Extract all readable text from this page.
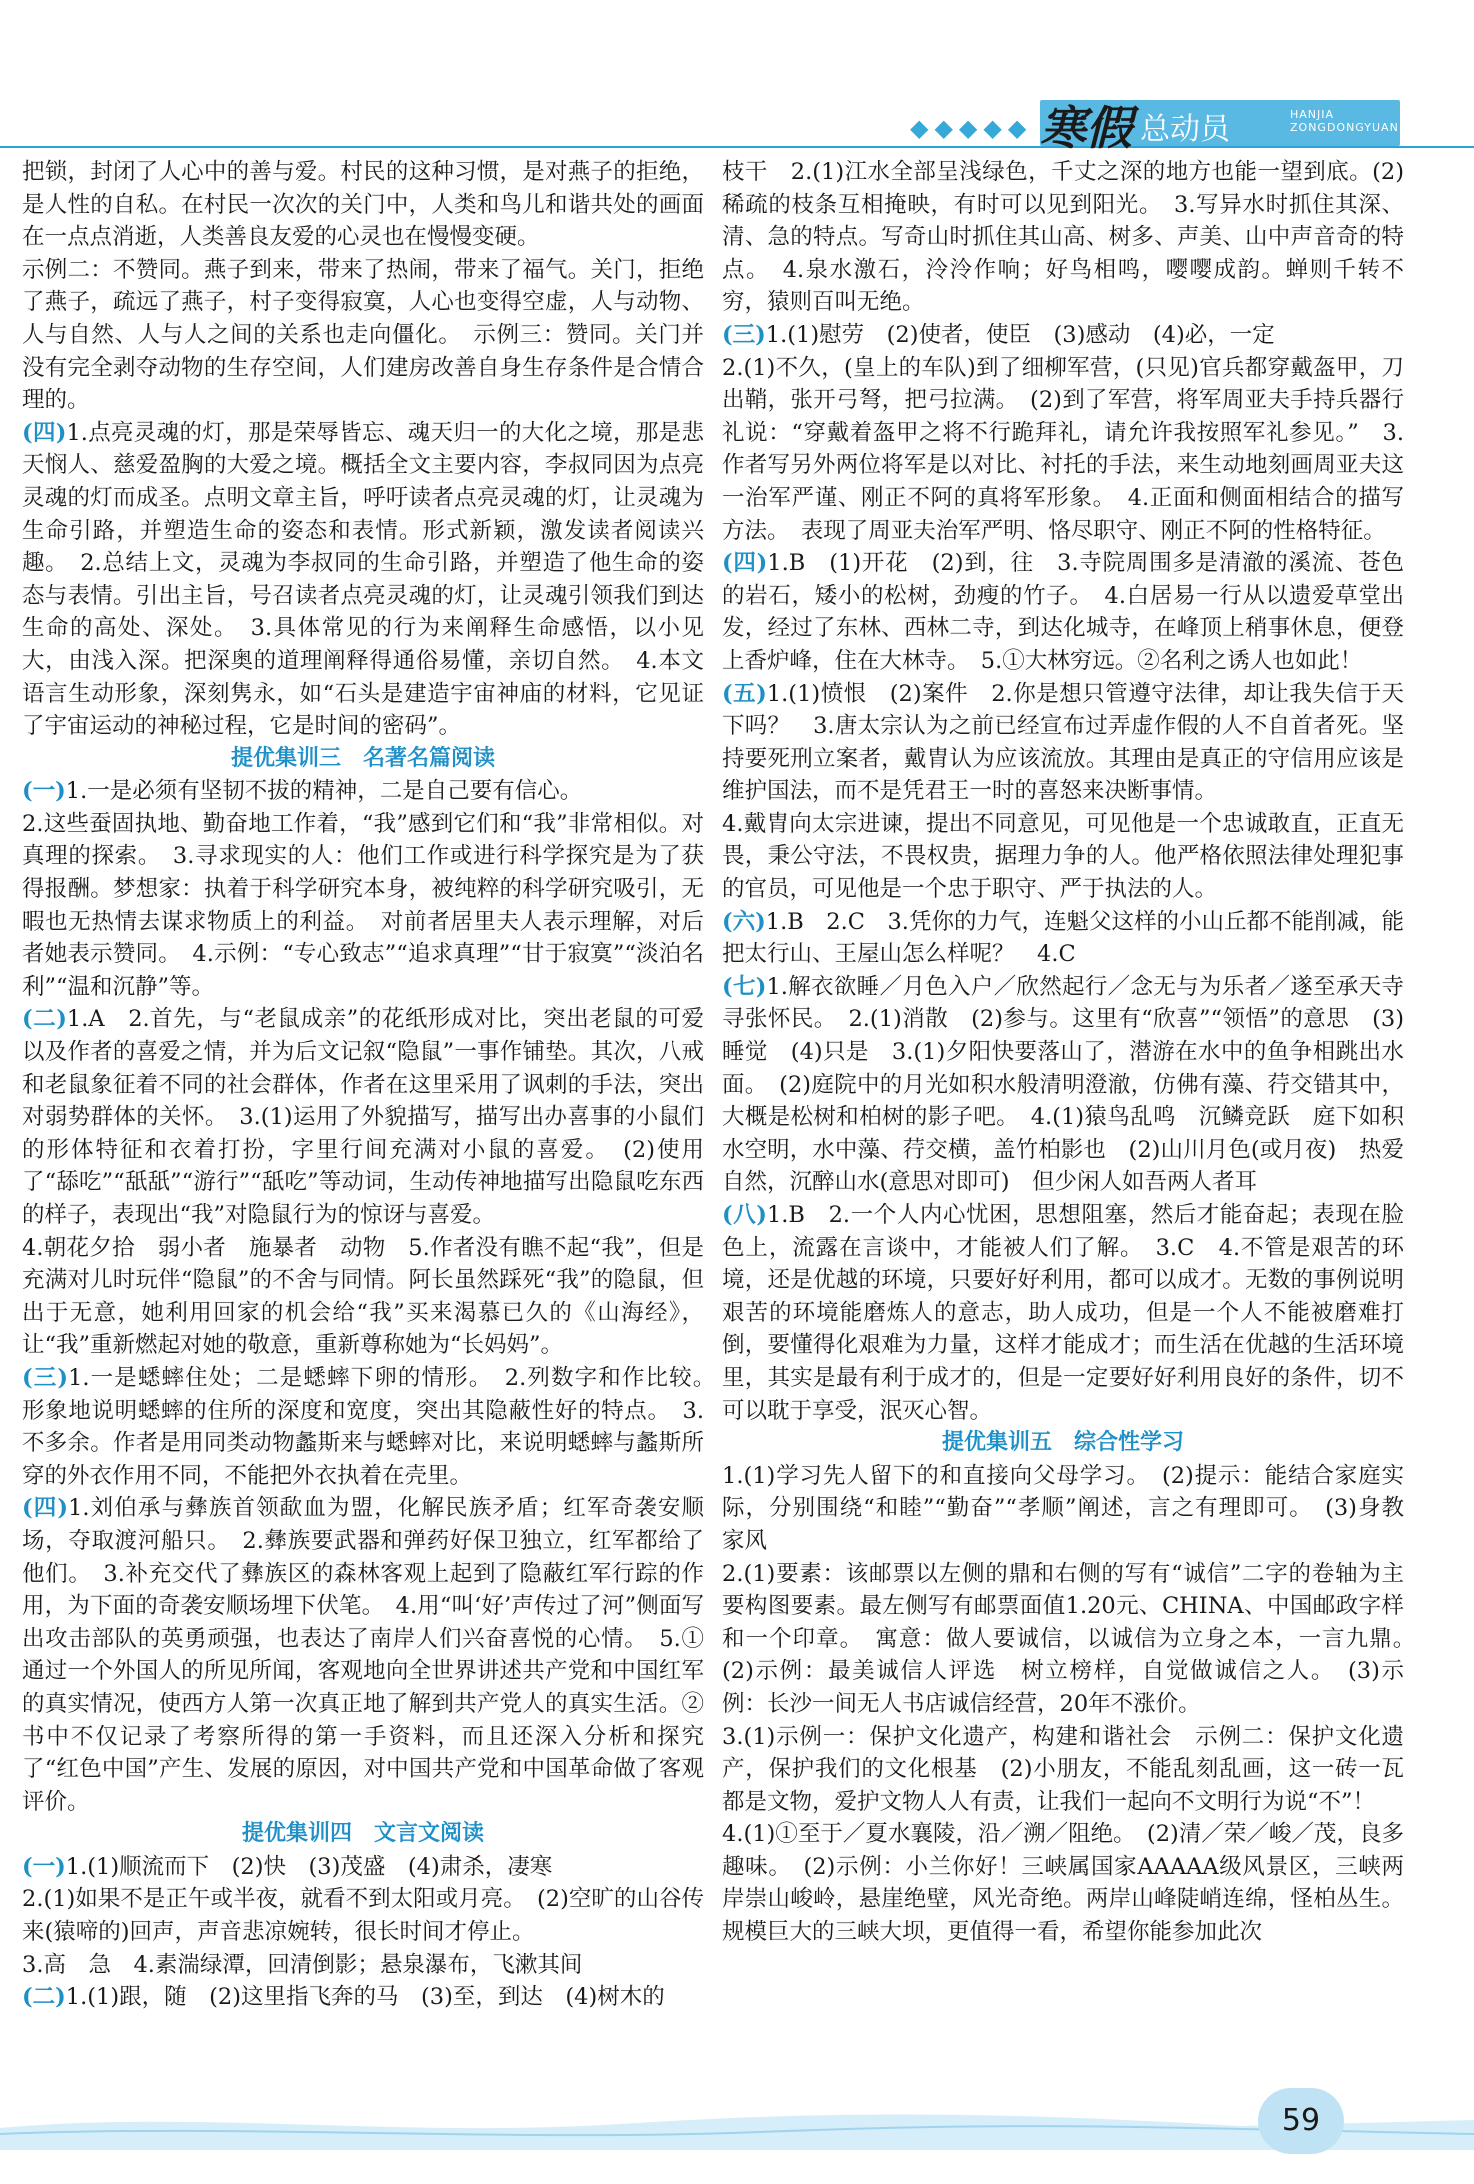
◆◆◆◆◆ 寒假 总动员	HANJIA
ZONGDONGYUAN

把锁，封闭了人心中的善与爱。村民的这种习惯，是对燕子的拒绝，是人性的自私。在村民一次次的关门中，人类和鸟儿和谐共处的画面在一点点消逝，人类善良友爱的心灵也在慢慢变硬。

示例二：不赞同。燕子到来，带来了热闹，带来了福气。关门，拒绝了燕子，疏远了燕子，村子变得寂寞，人心也变得空虚，人与动物、人与自然、人与人之间的关系也走向僵化。　示例三：赞同。关门并没有完全剥夺动物的生存空间，人们建房改善自身生存条件是合情合理的。

(四)1.点亮灵魂的灯，那是荣辱皆忘、魂天归一的大化之境，那是悲天悯人、慈爱盈胸的大爱之境。概括全文主要内容，李叔同因为点亮灵魂的灯而成圣。点明文章主旨，呼吁读者点亮灵魂的灯，让灵魂为生命引路，并塑造生命的姿态和表情。形式新颖，激发读者阅读兴趣。　2.总结上文，灵魂为李叔同的生命引路，并塑造了他生命的姿态与表情。引出主旨，号召读者点亮灵魂的灯，让灵魂引领我们到达生命的高处、深处。　3.具体常见的行为来阐释生命感悟，以小见大，由浅入深。把深奥的道理阐释得通俗易懂，亲切自然。　4.本文语言生动形象，深刻隽永，如“石头是建造宇宙神庙的材料，它见证了宇宙运动的神秘过程，它是时间的密码”。

提优集训三　名著名篇阅读

(一)1.一是必须有坚韧不拔的精神，二是自己要有信心。

2.这些蚕固执地、勤奋地工作着，“我”感到它们和“我”非常相似。对真理的探索。　3.寻求现实的人：他们工作或进行科学探究是为了获得报酬。梦想家：执着于科学研究本身，被纯粹的科学研究吸引，无暇也无热情去谋求物质上的利益。　对前者居里夫人表示理解，对后者她表示赞同。　4.示例：“专心致志”“追求真理”“甘于寂寞”“淡泊名利”“温和沉静”等。

(二)1.A　2.首先，与“老鼠成亲”的花纸形成对比，突出老鼠的可爱以及作者的喜爱之情，并为后文记叙“隐鼠”一事作铺垫。其次，八戒和老鼠象征着不同的社会群体，作者在这里采用了讽刺的手法，突出对弱势群体的关怀。　3.(1)运用了外貌描写，描写出办喜事的小鼠们的形体特征和衣着打扮，字里行间充满对小鼠的喜爱。　(2)使用了“舔吃”“舐舐”“游行”“舐吃”等动词，生动传神地描写出隐鼠吃东西的样子，表现出“我”对隐鼠行为的惊讶与喜爱。

4.朝花夕拾　弱小者　施暴者　动物　5.作者没有瞧不起“我”，但是充满对儿时玩伴“隐鼠”的不舍与同情。阿长虽然踩死“我”的隐鼠，但出于无意，她利用回家的机会给“我”买来渴慕已久的《山海经》，让“我”重新燃起对她的敬意，重新尊称她为“长妈妈”。

(三)1.一是蟋蟀住处；二是蟋蟀下卵的情形。　2.列数字和作比较。　形象地说明蟋蟀的住所的深度和宽度，突出其隐蔽性好的特点。　3.不多余。作者是用同类动物蠡斯来与蟋蟀对比，来说明蟋蟀与蠡斯所穿的外衣作用不同，不能把外衣执着在壳里。

(四)1.刘伯承与彝族首领歃血为盟，化解民族矛盾；红军奇袭安顺场，夺取渡河船只。　2.彝族要武器和弹药好保卫独立，红军都给了他们。　3.补充交代了彝族区的森林客观上起到了隐蔽红军行踪的作用，为下面的奇袭安顺场埋下伏笔。　4.用“叫‘好’声传过了河”侧面写出攻击部队的英勇顽强，也表达了南岸人们兴奋喜悦的心情。　5.①通过一个外国人的所见所闻，客观地向全世界讲述共产党和中国红军的真实情况，使西方人第一次真正地了解到共产党人的真实生活。②书中不仅记录了考察所得的第一手资料，而且还深入分析和探究了“红色中国”产生、发展的原因，对中国共产党和中国革命做了客观评价。

提优集训四　文言文阅读

(一)1.(1)顺流而下　(2)快　(3)茂盛　(4)肃杀，凄寒

2.(1)如果不是正午或半夜，就看不到太阳或月亮。　(2)空旷的山谷传来(猿啼的)回声，声音悲凉婉转，很长时间才停止。

3.高　急　4.素湍绿潭，回清倒影；悬泉瀑布，飞漱其间

(二)1.(1)跟，随　(2)这里指飞奔的马　(3)至，到达　(4)树木的

枝干　2.(1)江水全部呈浅绿色，千丈之深的地方也能一望到底。(2)稀疏的枝条互相掩映，有时可以见到阳光。　3.写异水时抓住其深、清、急的特点。写奇山时抓住其山高、树多、声美、山中声音奇的特点。　4.泉水激石，泠泠作响；好鸟相鸣，嘤嘤成韵。蝉则千转不穷，猿则百叫无绝。

(三)1.(1)慰劳　(2)使者，使臣　(3)感动　(4)必，一定

2.(1)不久，(皇上的车队)到了细柳军营，(只见)官兵都穿戴盔甲，刀出鞘，张开弓弩，把弓拉满。　(2)到了军营，将军周亚夫手持兵器行礼说：“穿戴着盔甲之将不行跪拜礼，请允许我按照军礼参见。”　3.作者写另外两位将军是以对比、衬托的手法，来生动地刻画周亚夫这一治军严谨、刚正不阿的真将军形象。　4.正面和侧面相结合的描写方法。　表现了周亚夫治军严明、恪尽职守、刚正不阿的性格特征。

(四)1.B　(1)开花　(2)到，往　3.寺院周围多是清澈的溪流、苍色的岩石，矮小的松树，劲瘦的竹子。　4.白居易一行从以遗爱草堂出发，经过了东林、西林二寺，到达化城寺，在峰顶上稍事休息，便登上香炉峰，住在大林寺。　5.①大林穷远。②名利之诱人也如此！

(五)1.(1)愤恨　(2)案件　2.你是想只管遵守法律，却让我失信于天下吗？　3.唐太宗认为之前已经宣布过弄虚作假的人不自首者死。坚持要死刑立案者，戴胄认为应该流放。其理由是真正的守信用应该是维护国法，而不是凭君王一时的喜怒来决断事情。

4.戴胄向太宗进谏，提出不同意见，可见他是一个忠诚敢直，正直无畏，秉公守法，不畏权贵，据理力争的人。他严格依照法律处理犯事的官员，可见他是一个忠于职守、严于执法的人。

(六)1.B　2.C　3.凭你的力气，连魁父这样的小山丘都不能削减，能把太行山、王屋山怎么样呢？　4.C

(七)1.解衣欲睡／月色入户／欣然起行／念无与为乐者／遂至承天寺寻张怀民。　2.(1)消散　(2)参与。这里有“欣喜”“领悟”的意思　(3)睡觉　(4)只是　3.(1)夕阳快要落山了，潜游在水中的鱼争相跳出水面。　(2)庭院中的月光如积水般清明澄澈，仿佛有藻、荇交错其中，大概是松树和柏树的影子吧。　4.(1)猿鸟乱鸣　沉鳞竞跃　庭下如积水空明，水中藻、荇交横，盖竹柏影也　(2)山川月色(或月夜)　热爱自然，沉醉山水(意思对即可)　但少闲人如吾两人者耳

(八)1.B　2.一个人内心忧困，思想阻塞，然后才能奋起；表现在脸色上，流露在言谈中，才能被人们了解。　3.C　4.不管是艰苦的环境，还是优越的环境，只要好好利用，都可以成才。无数的事例说明艰苦的环境能磨炼人的意志，助人成功，但是一个人不能被磨难打倒，要懂得化艰难为力量，这样才能成才；而生活在优越的生活环境里，其实是最有利于成才的，但是一定要好好利用良好的条件，切不可以耽于享受，泯灭心智。

提优集训五　综合性学习

1.(1)学习先人留下的和直接向父母学习。　(2)提示：能结合家庭实际，分别围绕“和睦”“勤奋”“孝顺”阐述，言之有理即可。　(3)身教　家风

2.(1)要素：该邮票以左侧的鼎和右侧的写有“诚信”二字的卷轴为主要构图要素。最左侧写有邮票面值1.20元、CHINA、中国邮政字样和一个印章。　寓意：做人要诚信，以诚信为立身之本，一言九鼎。　(2)示例：最美诚信人评选　树立榜样，自觉做诚信之人。　(3)示例：长沙一间无人书店诚信经营，20年不涨价。

3.(1)示例一：保护文化遗产，构建和谐社会　示例二：保护文化遗产，保护我们的文化根基　(2)小朋友，不能乱刻乱画，这一砖一瓦都是文物，爱护文物人人有责，让我们一起向不文明行为说“不”！

4.(1)①至于／夏水襄陵，沿／溯／阻绝。　(2)清／荣／峻／茂，良多趣味。　(2)示例：小兰你好！三峡属国家AAAAA级风景区，三峡两岸崇山峻岭，悬崖绝壁，风光奇绝。两岸山峰陡峭连绵，怪柏丛生。规模巨大的三峡大坝，更值得一看，希望你能参加此次

59
